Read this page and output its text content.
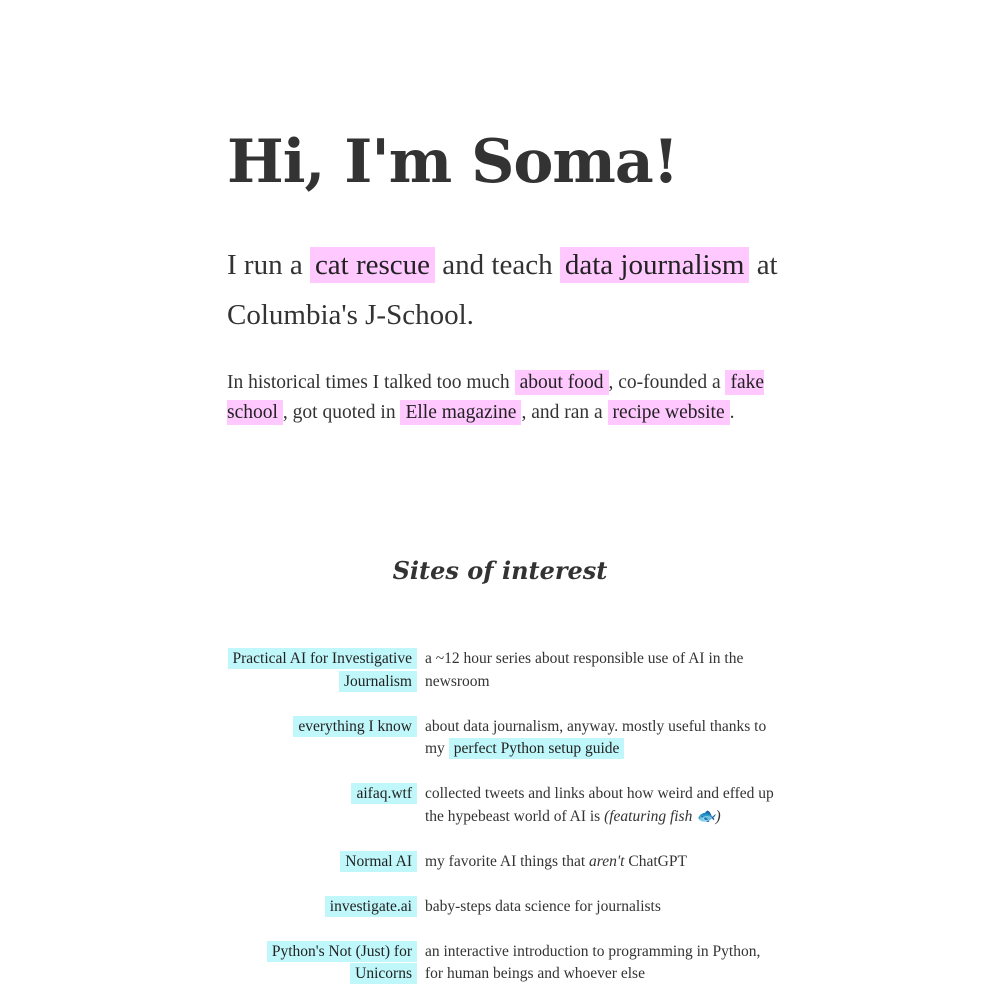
Hi, I'm Soma!

I run a cat rescue and teach data journalism at Columbia's J-School.

In historical times I talked too much about food , co-founded a fake school , got quoted in Elle magazine , and ran a recipe website .

Sites of interest
Practical AI for Investigative Journalism
a ~12 hour series about responsible use of AI in the newsroom
everything I know about data journalism, anyway. mostly useful thanks to my perfect Python setup guide
aifaq.wtf collected tweets and links about how weird and effed up the hypebeast world of AI is (featuring fish 🐟)
Normal AI my favorite AI things that aren't ChatGPT
investigate.ai baby-steps data science for journalists
Python's Not (Just) for Unicorns
an interactive introduction to programming in Python, for human beings and whoever else
